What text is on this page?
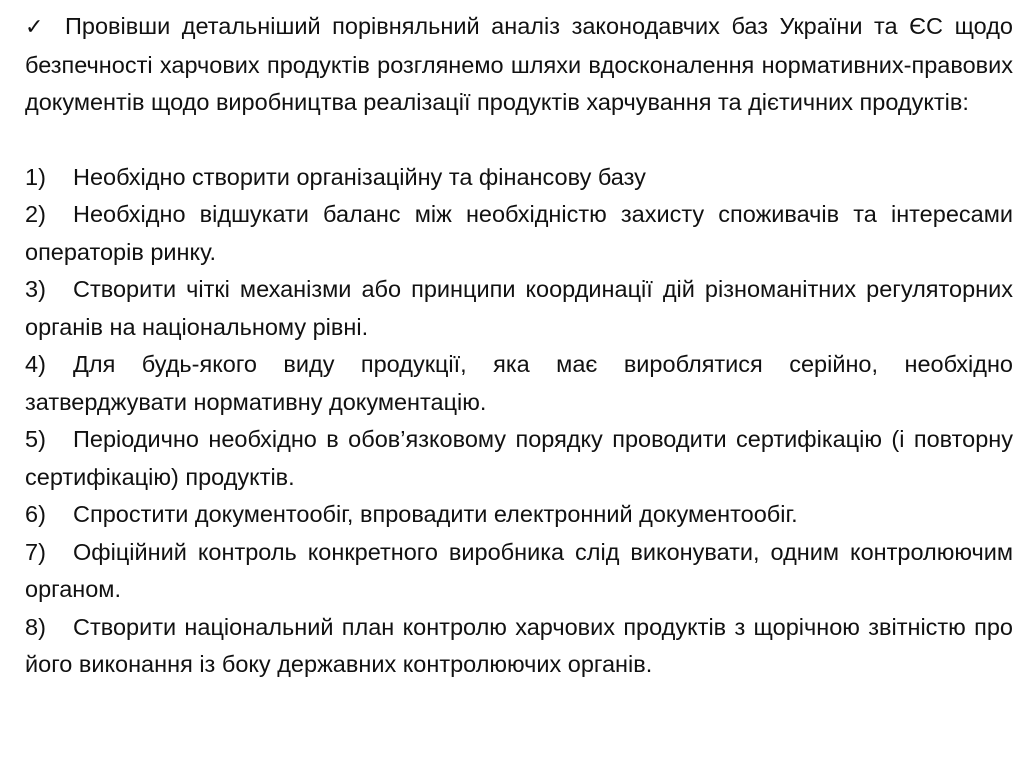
✓ Провівши детальніший порівняльний аналіз законодавчих баз України та ЄС щодо безпечності харчових продуктів розглянемо шляхи вдосконалення нормативних-правових документів щодо виробництва реалізації продуктів харчування та дієтичних продуктів:

1) Необхідно створити організаційну та фінансову базу
2) Необхідно відшукати баланс між необхідністю захисту споживачів та інтересами операторів ринку.
3) Створити чіткі механізми або принципи координації дій різноманітних регуляторних органів на національному рівні.
4) Для будь-якого виду продукції, яка має вироблятися серійно, необхідно затверджувати нормативну документацію.
5) Періодично необхідно в обов’язковому порядку проводити сертифікацію (і повторну сертифікацію) продуктів.
6) Спростити документообіг, впровадити електронний документообіг.
7) Офіційний контроль конкретного виробника слід виконувати, одним контролюючим органом.
8) Створити національний план контролю харчових продуктів з щорічною звітністю про його виконання із боку державних контролюючих органів.
